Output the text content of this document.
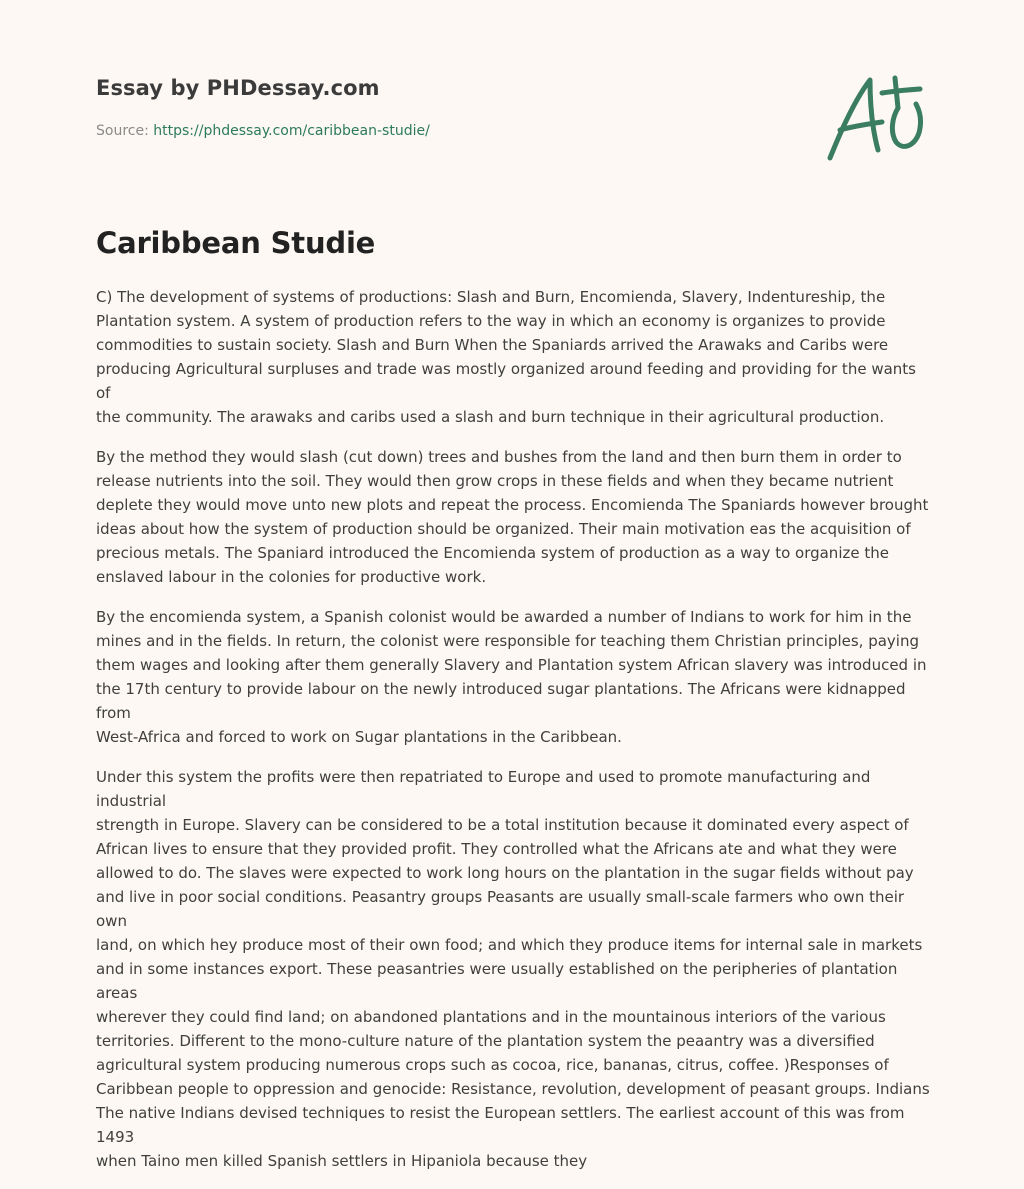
Essay by PHDessay.com

Source: https://phdessay.com/caribbean-studie/
Caribbean Studie

C) The development of systems of productions: Slash and Burn, Encomienda, Slavery, Indentureship, the
Plantation system. A system of production refers to the way in which an economy is organizes to provide
commodities to sustain society. Slash and Burn When the Spaniards arrived the Arawaks and Caribs were
producing Agricultural surpluses and trade was mostly organized around feeding and providing for the wants of
the community. The arawaks and caribs used a slash and burn technique in their agricultural production.

By the method they would slash (cut down) trees and bushes from the land and then burn them in order to
release nutrients into the soil. They would then grow crops in these fields and when they became nutrient
deplete they would move unto new plots and repeat the process. Encomienda The Spaniards however brought
ideas about how the system of production should be organized. Their main motivation eas the acquisition of
precious metals. The Spaniard introduced the Encomienda system of production as a way to organize the
enslaved labour in the colonies for productive work.

By the encomienda system, a Spanish colonist would be awarded a number of Indians to work for him in the
mines and in the fields. In return, the colonist were responsible for teaching them Christian principles, paying
them wages and looking after them generally Slavery and Plantation system African slavery was introduced in
the 17th century to provide labour on the newly introduced sugar plantations. The Africans were kidnapped from
West-Africa and forced to work on Sugar plantations in the Caribbean.

Under this system the profits were then repatriated to Europe and used to promote manufacturing and industrial
strength in Europe. Slavery can be considered to be a total institution because it dominated every aspect of
African lives to ensure that they provided profit. They controlled what the Africans ate and what they were
allowed to do. The slaves were expected to work long hours on the plantation in the sugar fields without pay
and live in poor social conditions. Peasantry groups Peasants are usually small-scale farmers who own their own
land, on which hey produce most of their own food; and which they produce items for internal sale in markets
and in some instances export. These peasantries were usually established on the peripheries of plantation areas
wherever they could find land; on abandoned plantations and in the mountainous interiors of the various
territories. Different to the mono-culture nature of the plantation system the peaantry was a diversified
agricultural system producing numerous crops such as cocoa, rice, bananas, citrus, coffee. )Responses of
Caribbean people to oppression and genocide: Resistance, revolution, development of peasant groups. Indians
The native Indians devised techniques to resist the European settlers. The earliest account of this was from 1493
when Taino men killed Spanish settlers in Hipaniola because they
